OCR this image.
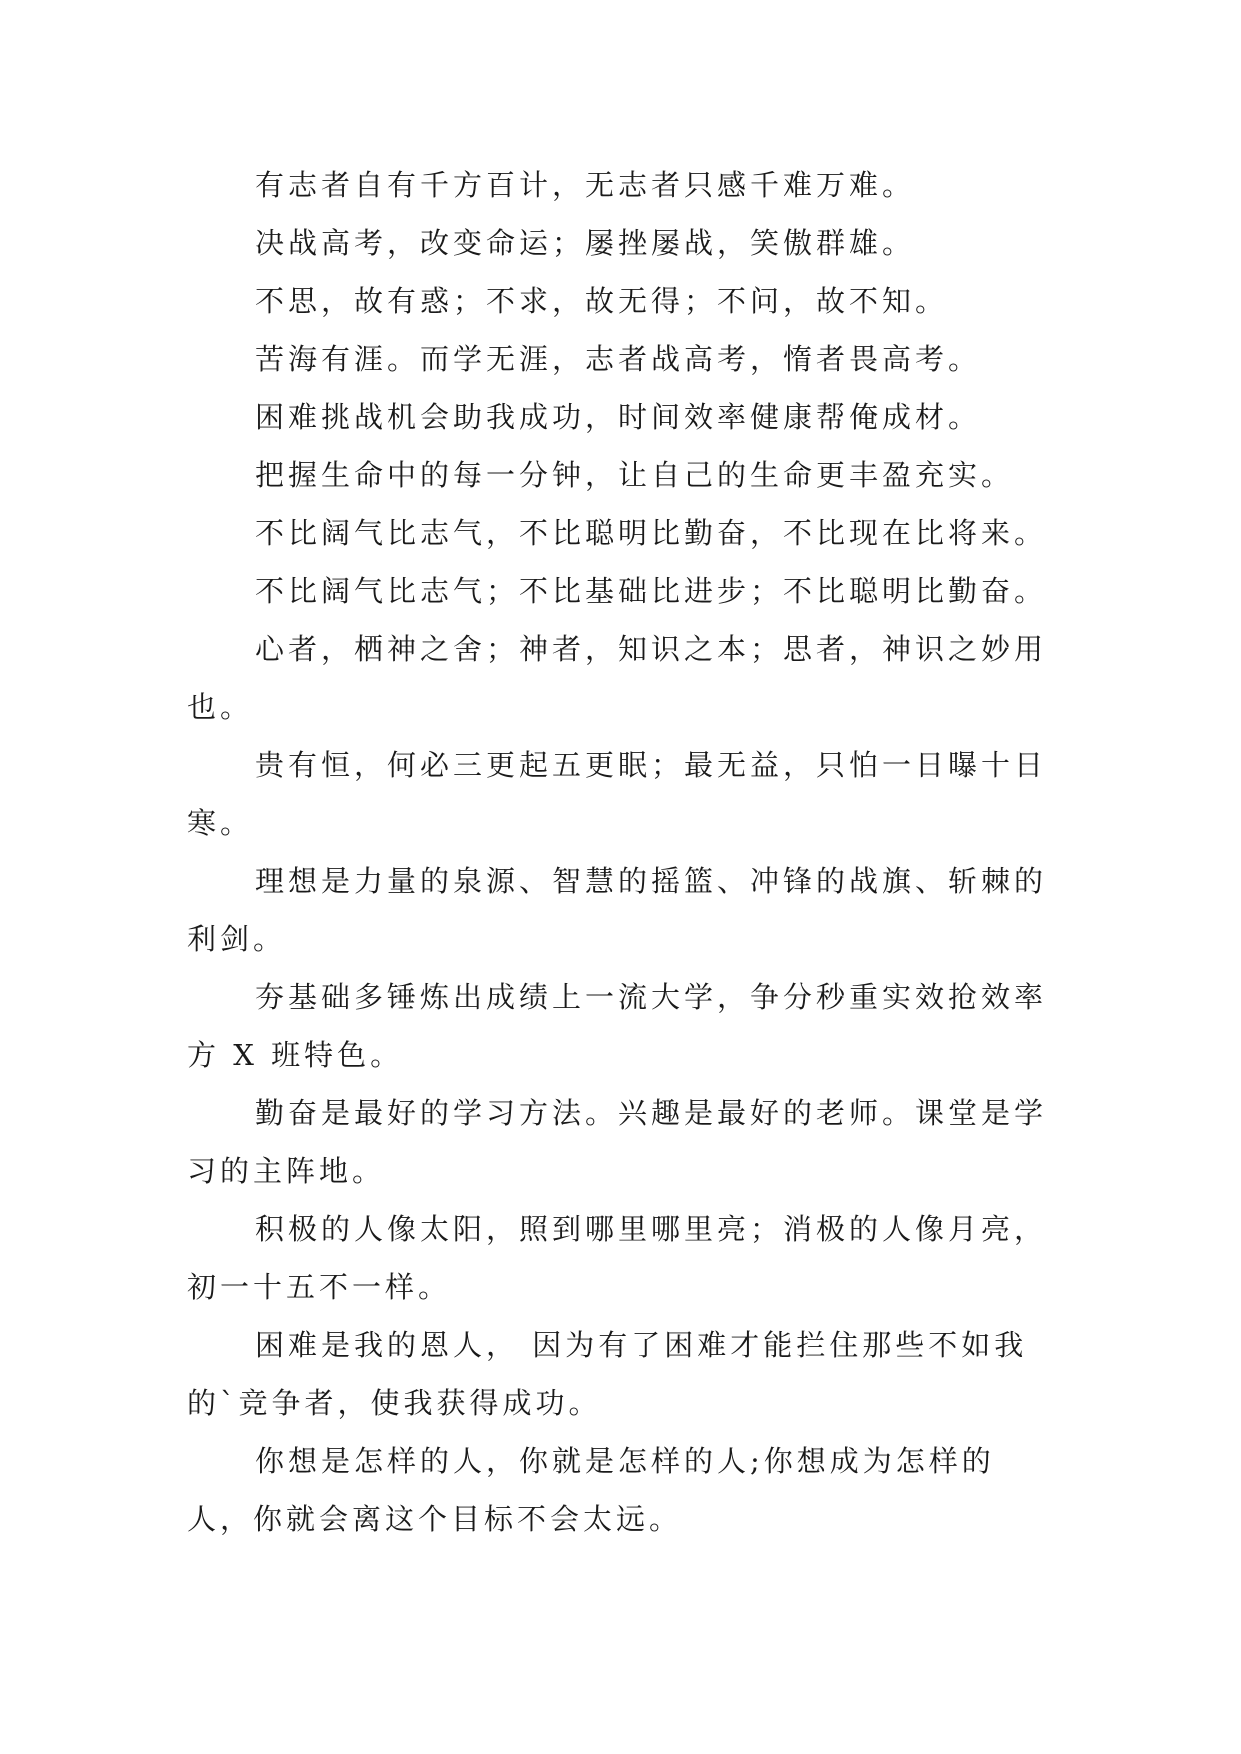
有志者自有千方百计，无志者只感千难万难。

决战高考，改变命运；屡挫屡战，笑傲群雄。

不思，故有惑；不求，故无得；不问，故不知。

苦海有涯。而学无涯，志者战高考，惰者畏高考。

困难挑战机会助我成功，时间效率健康帮俺成材。

把握生命中的每一分钟，让自己的生命更丰盈充实。

不比阔气比志气，不比聪明比勤奋，不比现在比将来。

不比阔气比志气；不比基础比进步；不比聪明比勤奋。

心者，栖神之舍；神者，知识之本；思者，神识之妙用也。

贵有恒，何必三更起五更眠；最无益，只怕一日曝十日寒。

理想是力量的泉源、智慧的摇篮、冲锋的战旗、斩棘的利剑。

夯基础多锤炼出成绩上一流大学，争分秒重实效抢效率方 X 班特色。

勤奋是最好的学习方法。兴趣是最好的老师。课堂是学习的主阵地。

积极的人像太阳，照到哪里哪里亮；消极的人像月亮，初一十五不一样。

困难是我的恩人， 因为有了困难才能拦住那些不如我的`竞争者，使我获得成功。

你想是怎样的人，你就是怎样的人;你想成为怎样的人，你就会离这个目标不会太远。
